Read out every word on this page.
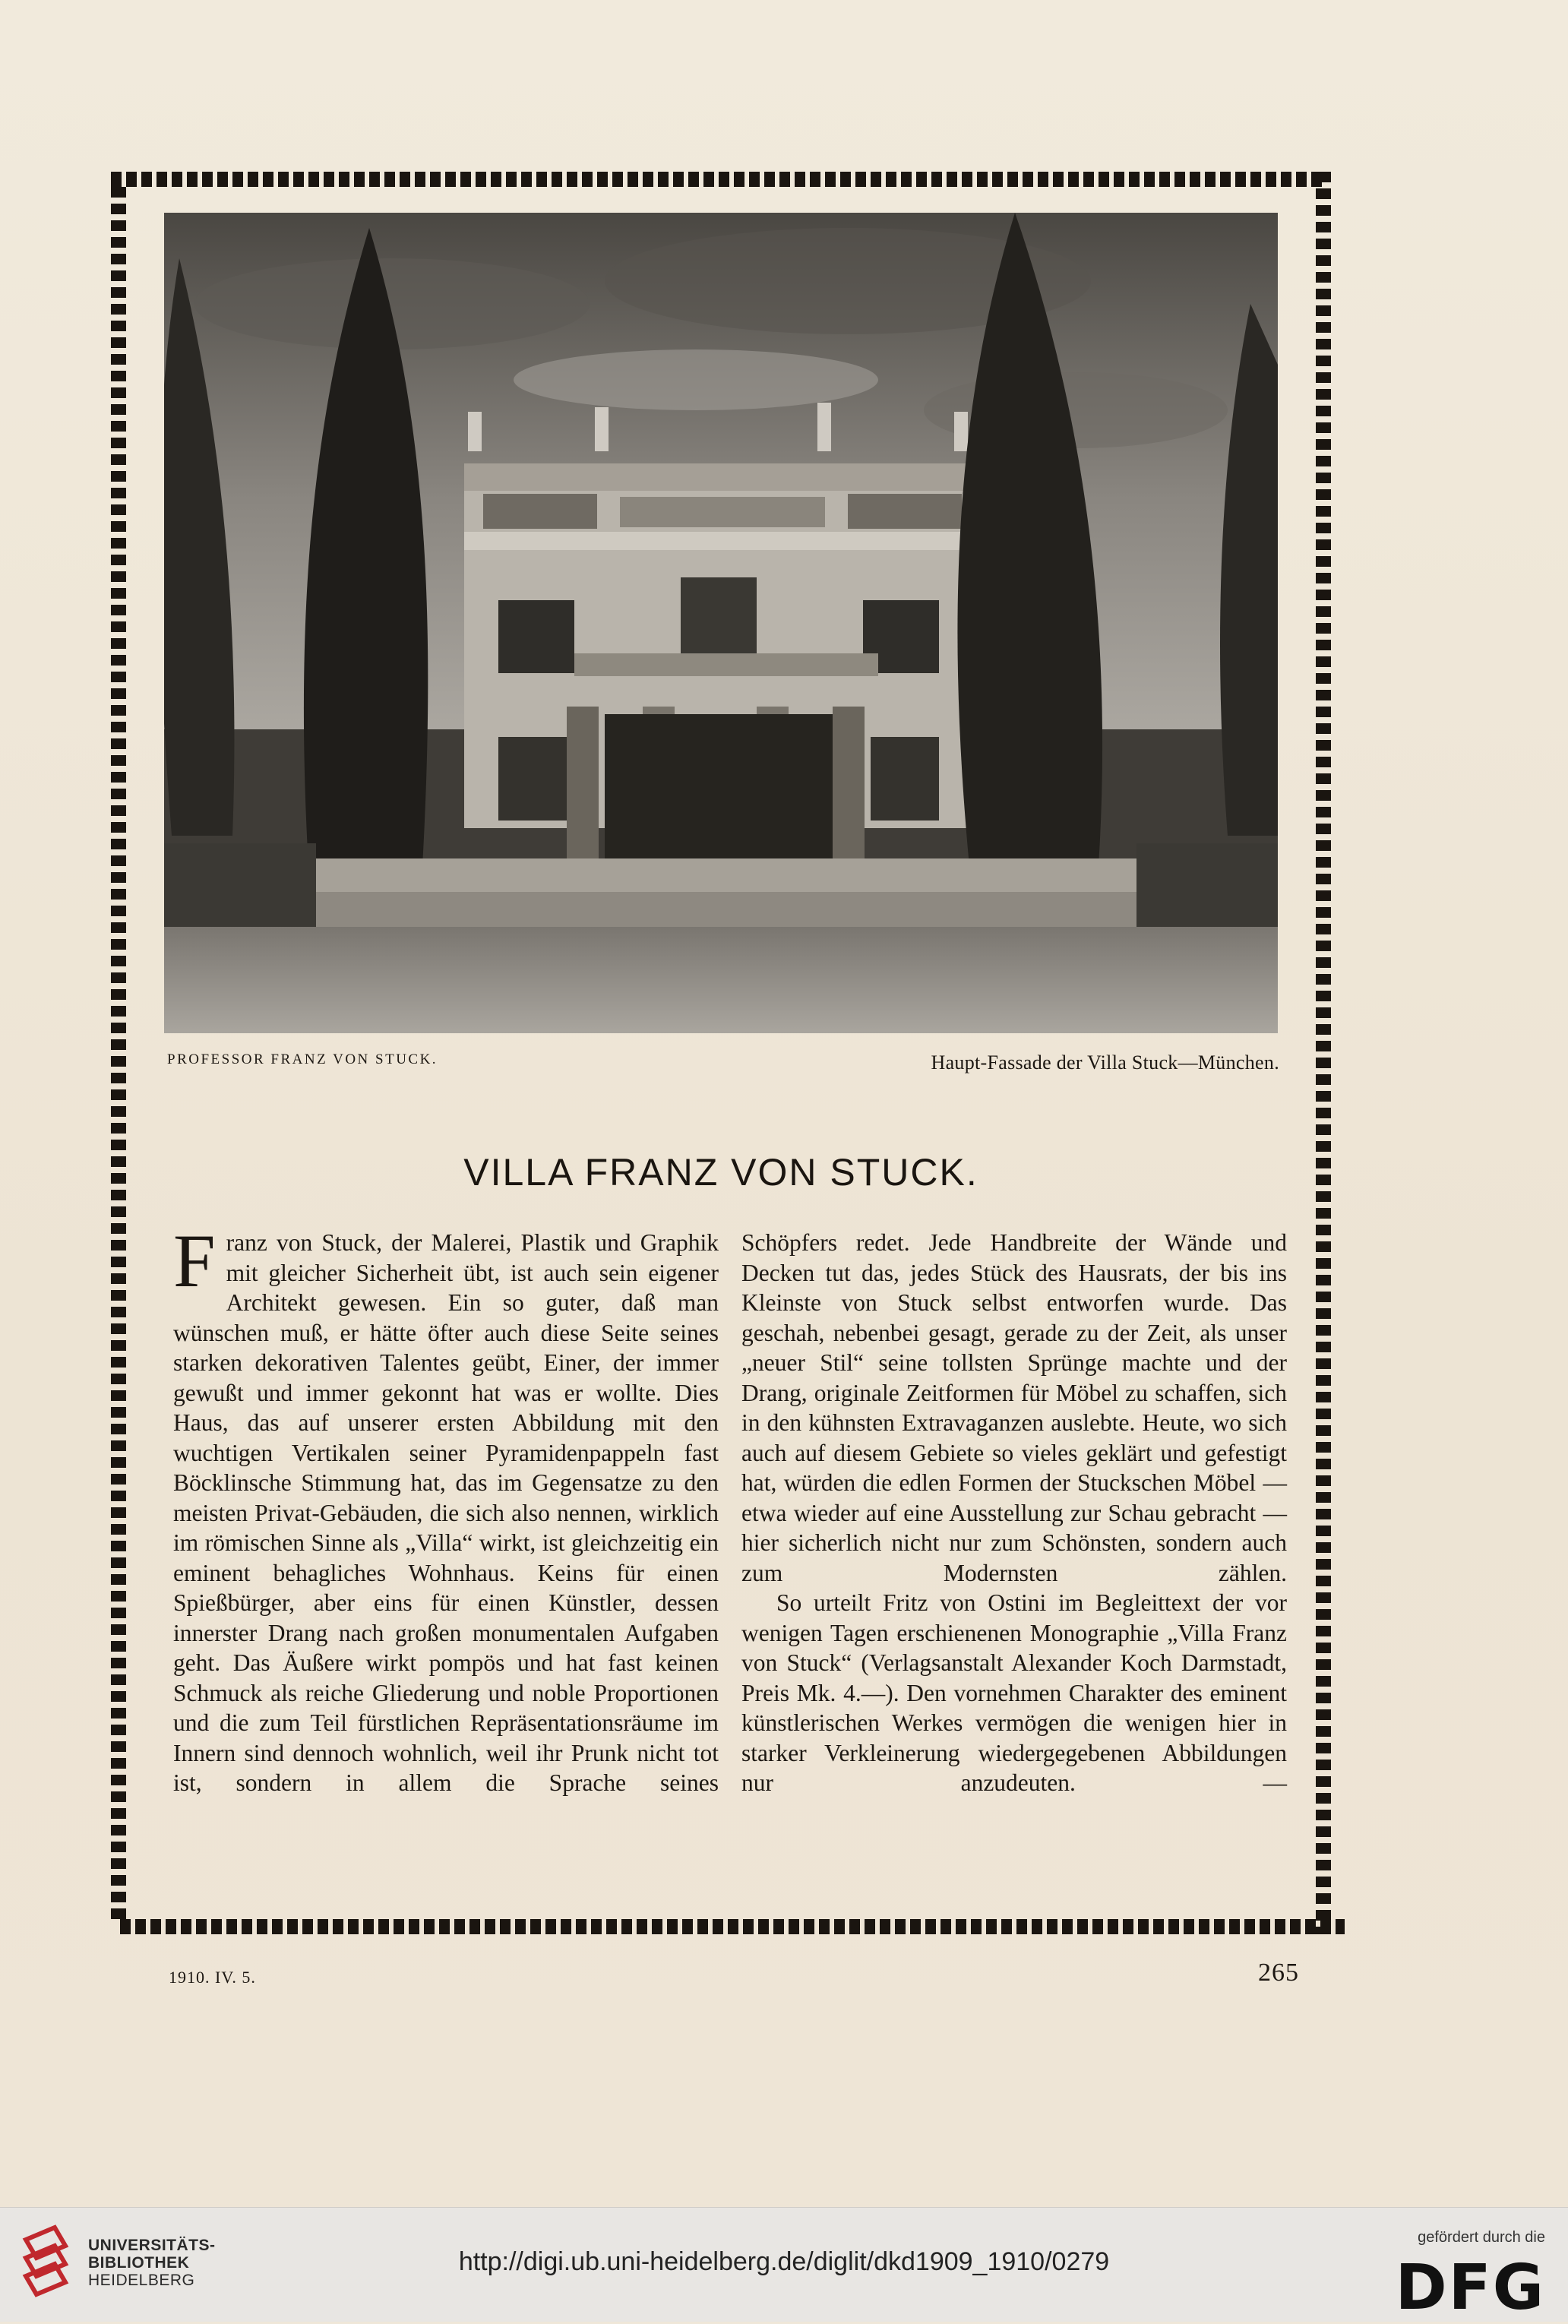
PROFESSOR FRANZ VON STUCK.	Haupt-Fassade der Villa Stuck—München.
VILLA FRANZ VON STUCK.

Franz von Stuck, der Malerei, Plastik und Graphik mit gleicher Sicherheit übt, ist auch sein eigener Architekt gewesen. Ein so guter, daß man wünschen muß, er hätte öfter auch diese Seite seines starken dekorativen Talentes geübt, Einer, der immer gewußt und immer gekonnt hat was er wollte. Dies Haus, das auf unserer ersten Abbildung mit den wuchtigen Vertikalen seiner Pyramidenpappeln fast Böcklinsche Stimmung hat, das im Gegensatze zu den meisten Privat-Gebäuden, die sich also nennen, wirklich im römischen Sinne als „Villa“ wirkt, ist gleichzeitig ein eminent behagliches Wohnhaus. Keins für einen Spießbürger, aber eins für einen Künstler, dessen innerster Drang nach großen monumentalen Aufgaben geht. Das Äußere wirkt pompös und hat fast keinen Schmuck als reiche Gliederung und noble Proportionen und die zum Teil fürstlichen Repräsentationsräume im Innern sind dennoch wohnlich, weil ihr Prunk nicht tot ist, sondern in allem die Sprache seines

Schöpfers redet. Jede Handbreite der Wände und Decken tut das, jedes Stück des Hausrats, der bis ins Kleinste von Stuck selbst entworfen wurde. Das geschah, nebenbei gesagt, gerade zu der Zeit, als unser „neuer Stil“ seine tollsten Sprünge machte und der Drang, originale Zeitformen für Möbel zu schaffen, sich in den kühnsten Extravaganzen auslebte. Heute, wo sich auch auf diesem Gebiete so vieles geklärt und gefestigt hat, würden die edlen Formen der Stuckschen Möbel — etwa wieder auf eine Ausstellung zur Schau gebracht — hier sicherlich nicht nur zum Schönsten, sondern auch zum Modernsten zählen.

So urteilt Fritz von Ostini im Begleittext der vor wenigen Tagen erschienenen Monographie „Villa Franz von Stuck“ (Verlagsanstalt Alexander Koch Darmstadt, Preis Mk. 4.—). Den vornehmen Charakter des eminent künstlerischen Werkes vermögen die wenigen hier in starker Verkleinerung wiedergegebenen Abbildungen nur anzudeuten. —

1910. IV. 5.	265
UNIVERSITÄTS-
BIBLIOTHEK
HEIDELBERG
http://digi.ub.uni-heidelberg.de/diglit/dkd1909_1910/0279
gefördert durch die
DFG
